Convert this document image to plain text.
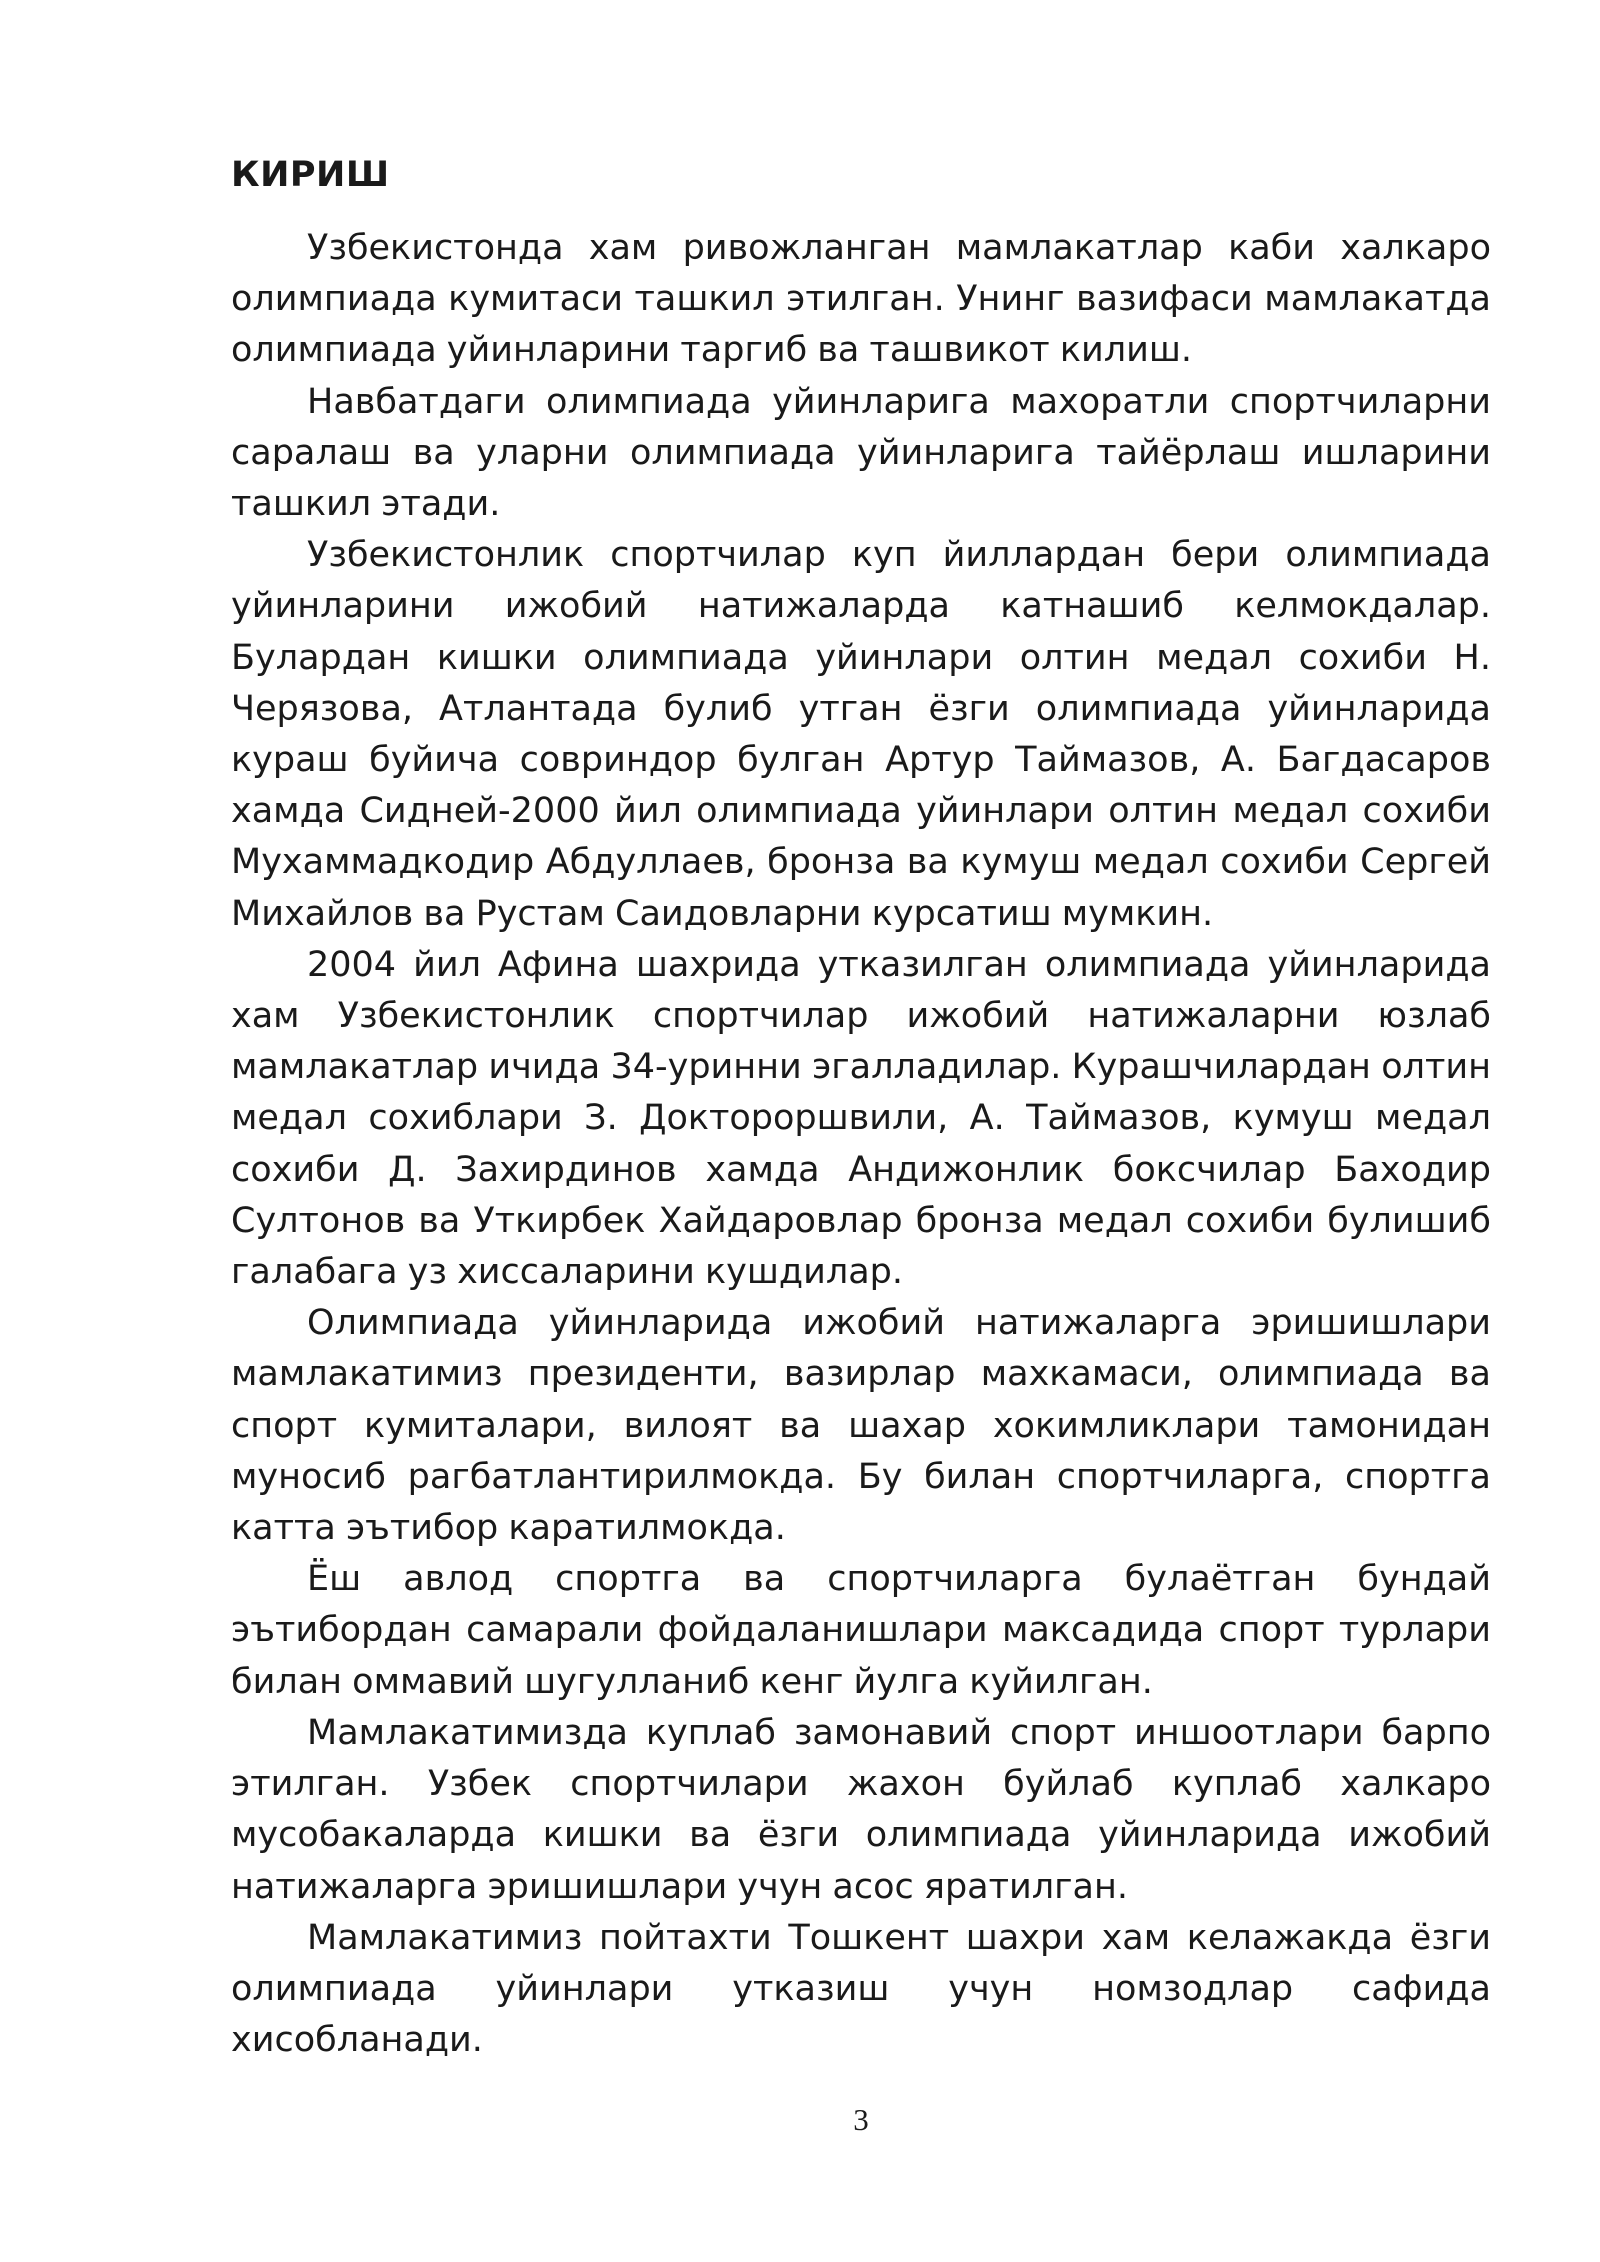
КИРИШ

Узбекистонда хам ривожланган мамлакатлар каби халкаро олимпиада кумитаси ташкил этилган. Унинг вазифаси мамлакатда олимпиада уйинларини таргиб ва ташвикот килиш.

Навбатдаги олимпиада уйинларига махоратли спортчиларни саралаш ва уларни олимпиада уйинларига тайёрлаш ишларини ташкил этади.

Узбекистонлик спортчилар куп йиллардан бери олимпиада уйинларини ижобий натижаларда катнашиб келмокдалар. Булардан кишки олимпиада уйинлари олтин медал сохиби Н. Черязова, Атлантада булиб утган ёзги олимпиада уйинларида кураш буйича совриндор булган Артур Таймазов, А. Багдасаров хамда Сидней-2000 йил олимпиада уйинлари олтин медал сохиби Мухаммадкодир Абдуллаев, бронза ва кумуш медал сохиби Сергей Михайлов ва Рустам Саидовларни курсатиш мумкин.

2004 йил Афина шахрида утказилган олимпиада уйинларида хам Узбекистонлик спортчилар ижобий натижаларни юзлаб мамлакатлар ичида 34-уринни эгалладилар. Курашчилардан олтин медал сохиблари З. Доктороршвили, А. Таймазов, кумуш медал сохиби Д. Захирдинов хамда Андижонлик боксчилар Баходир Султонов ва Уткирбек Хайдаровлар бронза медал сохиби булишиб галабага уз хиссаларини кушдилар.

Олимпиада уйинларида ижобий натижаларга эришишлари мамлакатимиз президенти, вазирлар махкамаси, олимпиада ва спорт кумиталари, вилоят ва шахар хокимликлари тамонидан муносиб рагбатлантирилмокда. Бу билан спортчиларга, спортга катта эътибор каратилмокда.

Ёш авлод спортга ва спортчиларга булаётган бундай эътибордан самарали фойдаланишлари максадида спорт турлари билан оммавий шугулланиб кенг йулга куйилган.

Мамлакатимизда куплаб замонавий спорт иншоотлари барпо этилган. Узбек спортчилари жахон буйлаб куплаб халкаро мусобакаларда кишки ва ёзги олимпиада уйинларида ижобий натижаларга эришишлари учун асос яратилган.

Мамлакатимиз пойтахти Тошкент шахри хам келажакда ёзги олимпиада уйинлари утказиш учун номзодлар сафида хисобланади.

3
